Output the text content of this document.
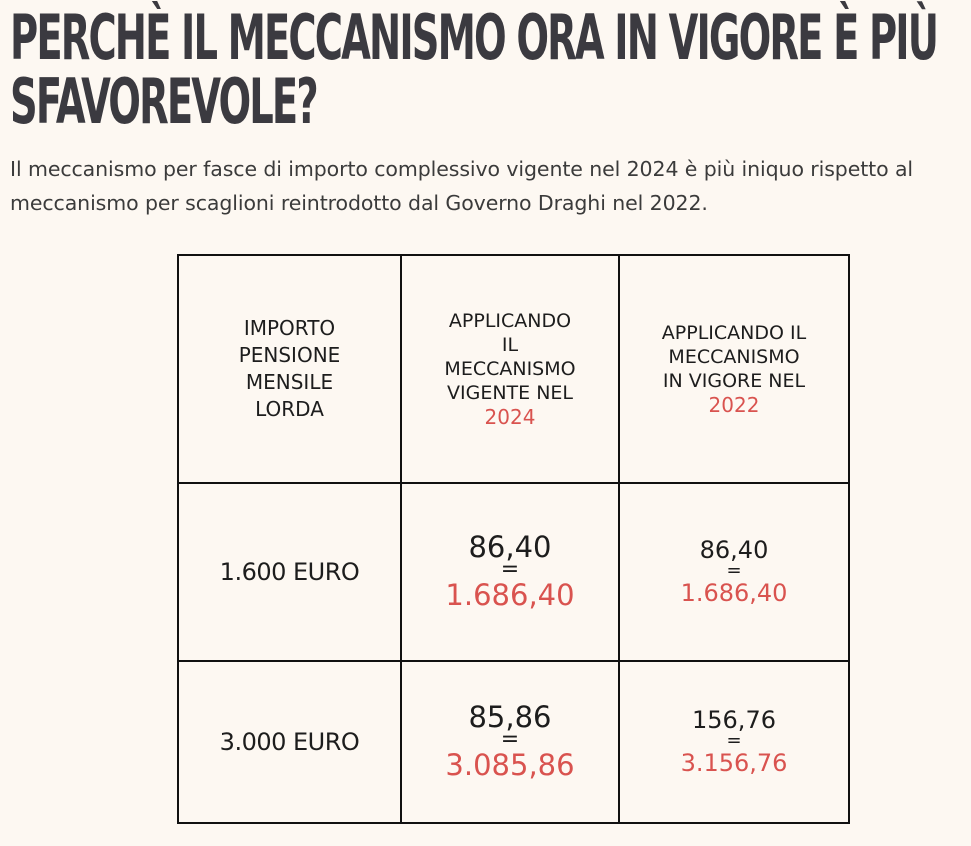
PERCHÈ IL MECCANISMO ORA IN VIGORE È PIÙ
SFAVOREVOLE?

Il meccanismo per fasce di importo complessivo vigente nel 2024 è più iniquo rispetto al meccanismo per scaglioni reintrodotto dal Governo Draghi nel 2022.

IMPORTO
PENSIONE
MENSILE
LORDA	APPLICANDO
IL
MECCANISMO
VIGENTE NEL
2024	APPLICANDO IL
MECCANISMO
IN VIGORE NEL
2022

1.600 EURO	86,40
=
1.686,40	86,40
=
1.686,40

3.000 EURO	85,86
=
3.085,86	156,76
=
3.156,76
